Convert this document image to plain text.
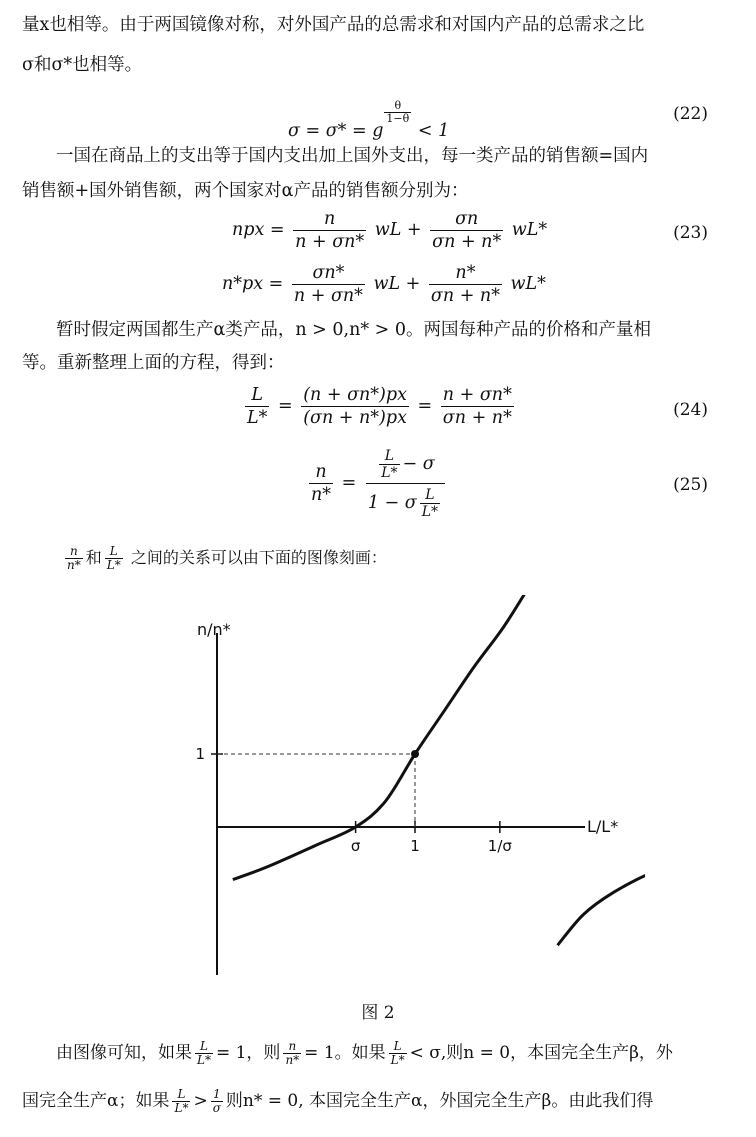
量x也相等。由于两国镜像对称，对外国产品的总需求和对国内产品的总需求之比
σ和σ*也相等。
σ = σ* = g
$\frac{\theta}{1-\theta}$
< 1
(22)
一国在商品上的支出等于国内支出加上国外支出，每一类产品的销售额=国内
销售额+国外销售额，两个国家对α产品的销售额分别为：
npx = $\frac{n}{n + \sigma n*}$ wL + $\frac{\sigma n}{\sigma n + n*} wL*$
$n*px = \frac{\sigma n*}{n + \sigma n*}$ wL + $\frac{n*}{\sigma n + n*} wL*$
(23)
暂时假定两国都生产α类产品，n > 0,n* > 0。两国每种产品的价格和产量相
等。重新整理上面的方程，得到：
$\frac{L}{L*} = \frac{(n + \sigma n*)px}{(\sigma n + n*)px} = \frac{n + \sigma n*}{\sigma n + n*}$	(24)
$\frac{n}{n*} = \frac{\frac{L}{L*} - \sigma}{1 - \sigma \frac{L}{L*}}$	(25)
$\frac{n}{n*}$ 和 $\frac{L}{L*}$ 之间的关系可以由下面的图像刻画：
n/n*
L/L*
σ	1	1/σ
1
图 2
由图像可知，如果 $\frac{L}{L*} = 1$，则 $\frac{n}{n*} = 1$。如果 $\frac{L}{L*} < \sigma$,则n = 0，本国完全生产β，外
国完全生产α；如果 $\frac{L}{L*} > \frac{1}{\sigma}$ 则n* = 0, 本国完全生产α，外国完全生产β。由此我们得
